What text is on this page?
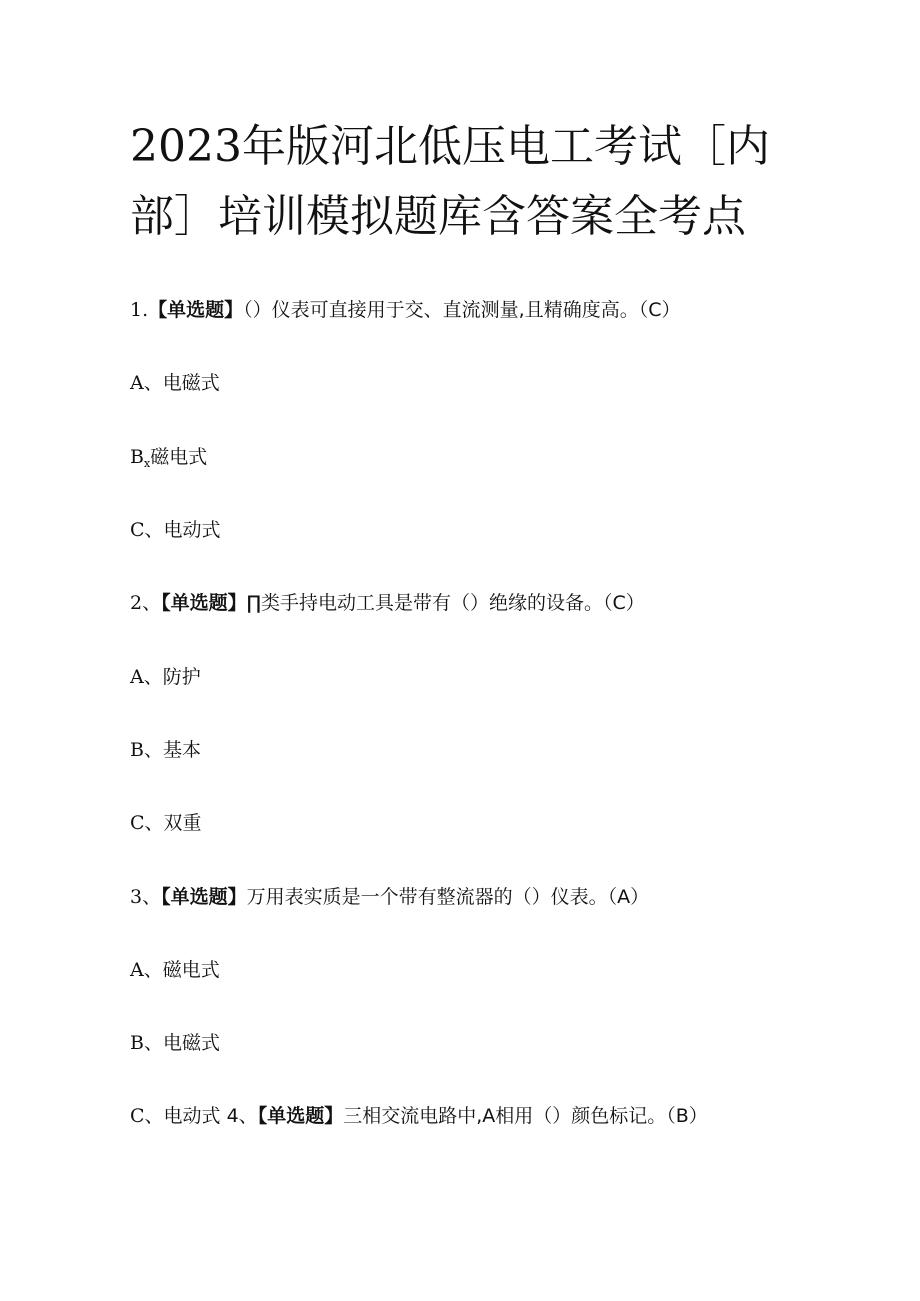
2023年版河北低压电工考试［内
部］培训模拟题库含答案全考点
1.【单选题】（）仪表可直接用于交、直流测量,且精确度高。（C）
A、电磁式
$B_x$磁电式
C、电动式
2、【单选题】∏类手持电动工具是带有（）绝缘的设备。（C）
A、防护
B、基本
C、双重
3、【单选题】万用表实质是一个带有整流器的（）仪表。（A）
A、磁电式
B、电磁式
C、电动式 4、【单选题】三相交流电路中,A相用（）颜色标记。（B）
